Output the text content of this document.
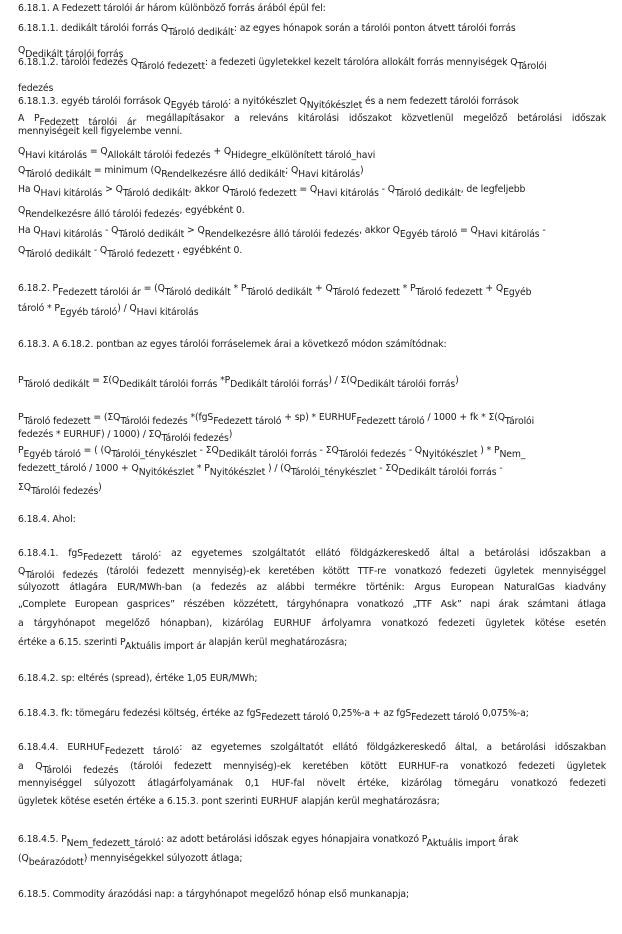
6.18.1. A Fedezett tárolói ár három különböző forrás árából épül fel:
6.18.1.1. dedikált tárolói forrás QTároló dedikált: az egyes hónapok során a tárolói ponton átvett tárolói forrás
QDedikált tárolói forrás
6.18.1.2. tárolói fedezés QTároló fedezett: a fedezeti ügyletekkel kezelt tárolóra allokált forrás mennyiségek QTárolói
fedezés
6.18.1.3. egyéb tárolói források QEgyéb tároló: a nyitókészlet QNyitókészlet és a nem fedezett tárolói források
A PFedezett tárolói ár megállapításakor a releváns kitárolási időszakot közvetlenül megelőző betárolási időszak
mennyiségeit kell figyelembe venni.
QHavi kitárolás = QAllokált tárolói fedezés + QHidegre_elkülönített tároló_havi
QTároló dedikált = minimum (QRendelkezésre álló dedikált; QHavi kitárolás)
Ha QHavi kitárolás > QTároló dedikált, akkor QTároló fedezett = QHavi kitárolás - QTároló dedikált, de legfeljebb
QRendelkezésre álló tárolói fedezés, egyébként 0.
Ha QHavi kitárolás - QTároló dedikált > QRendelkezésre álló tárolói fedezés, akkor QEgyéb tároló = QHavi kitárolás -
QTároló dedikált - QTároló fedezett , egyébként 0.
6.18.2. PFedezett tárolói ár = (QTároló dedikált * PTároló dedikált + QTároló fedezett * PTároló fedezett + QEgyéb
tároló * PEgyéb tároló) / QHavi kitárolás
6.18.3. A 6.18.2. pontban az egyes tárolói forráselemek árai a következő módon számítódnak:
PTároló dedikált = Σ(QDedikált tárolói forrás *PDedikált tárolói forrás) / Σ(QDedikált tárolói forrás)
PTároló fedezett = (ΣQTárolói fedezés *(fgSFedezett tároló + sp) * EURHUFFedezett tároló / 1000 + fk * Σ(QTárolói
fedezés * EURHUF) / 1000) / ΣQTárolói fedezés)
PEgyéb tároló = ( (QTárolói_ténykészlet - ΣQDedikált tárolói forrás - ΣQTárolói fedezés - QNyitókészlet ) * PNem_
fedezett_tároló / 1000 + QNyitókészlet * PNyitókészlet ) / (QTárolói_ténykészlet - ΣQDedikált tárolói forrás -
ΣQTárolói fedezés)
6.18.4. Ahol:
6.18.4.1. fgSFedezett tároló: az egyetemes szolgáltatót ellátó földgázkereskedő által a betárolási időszakban a
QTárolói fedezés (tárolói fedezett mennyiség)-ek keretében kötött TTF-re vonatkozó fedezeti ügyletek mennyiséggel
súlyozott átlagára EUR/MWh-ban (a fedezés az alábbi termékre történik: Argus European NaturalGas kiadvány
„Complete European gasprices” részében közzétett, tárgyhónapra vonatkozó „TTF Ask” napi árak számtani átlaga
a tárgyhónapot megelőző hónapban), kizárólag EURHUF árfolyamra vonatkozó fedezeti ügyletek kötése esetén
értéke a 6.15. szerinti PAktuális import ár alapján kerül meghatározásra;
6.18.4.2. sp: eltérés (spread), értéke 1,05 EUR/MWh;
6.18.4.3. fk: tömegáru fedezési költség, értéke az fgSFedezett tároló 0,25%-a + az fgSFedezett tároló 0,075%-a;
6.18.4.4. EURHUFFedezett tároló: az egyetemes szolgáltatót ellátó földgázkereskedő által, a betárolási időszakban
a QTárolói fedezés (tárolói fedezett mennyiség)-ek keretében kötött EURHUF-ra vonatkozó fedezeti ügyletek
mennyiséggel súlyozott átlagárfolyamának 0,1 HUF-fal növelt értéke, kizárólag tömegáru vonatkozó fedezeti
ügyletek kötése esetén értéke a 6.15.3. pont szerinti EURHUF alapján kerül meghatározásra;
6.18.4.5. PNem_fedezett_tároló: az adott betárolási időszak egyes hónapjaira vonatkozó PAktuális import árak
(Qbeárazódott) mennyiségekkel súlyozott átlaga;
6.18.5. Commodity árazódási nap: a tárgyhónapot megelőző hónap első munkanapja;
